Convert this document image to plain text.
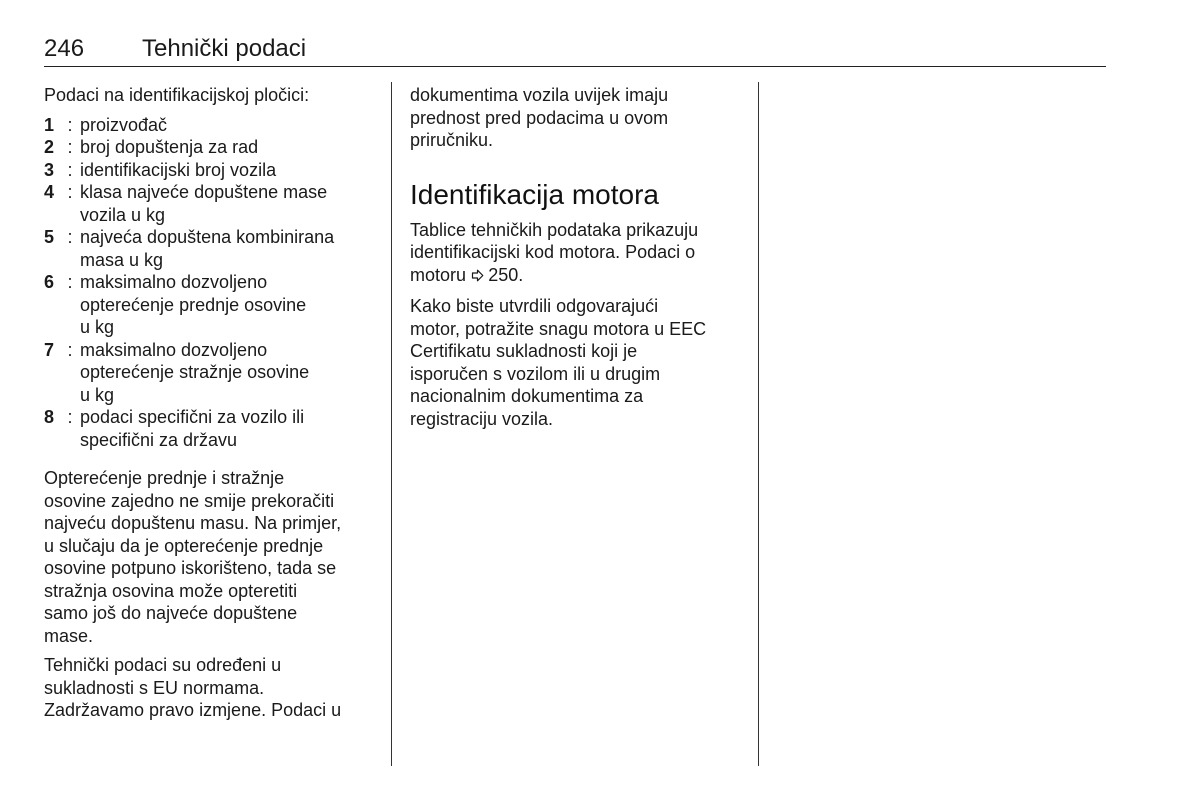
246 Tehnički podaci

Podaci na identifikacijskoj pločici:

1 : proizvođač
2 : broj dopuštenja za rad
3 : identifikacijski broj vozila
4 : klasa najveće dopuštene mase
vozila u kg
5 : najveća dopuštena kombinirana
masa u kg
6 : maksimalno dozvoljeno
opterećenje prednje osovine
u kg
7 : maksimalno dozvoljeno
opterećenje stražnje osovine
u kg
8 : podaci specifični za vozilo ili
specifični za državu

Opterećenje prednje i stražnje
osovine zajedno ne smije prekoračiti
najveću dopuštenu masu. Na primjer,
u slučaju da je opterećenje prednje
osovine potpuno iskorišteno, tada se
stražnja osovina može opteretiti
samo još do najveće dopuštene
mase.

Tehnički podaci su određeni u
sukladnosti s EU normama.
Zadržavamo pravo izmjene. Podaci u

dokumentima vozila uvijek imaju
prednost pred podacima u ovom
priručniku.

Identifikacija motora

Tablice tehničkih podataka prikazuju
identifikacijski kod motora. Podaci o
motoru 250.

Kako biste utvrdili odgovarajući
motor, potražite snagu motora u EEC
Certifikatu sukladnosti koji je
isporučen s vozilom ili u drugim
nacionalnim dokumentima za
registraciju vozila.
